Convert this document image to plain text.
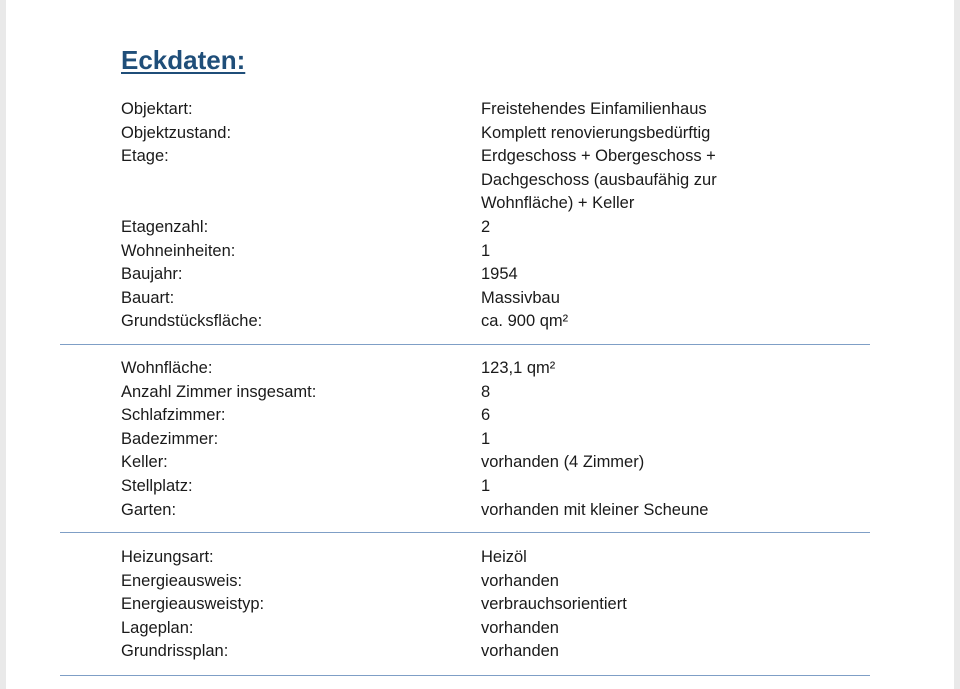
Eckdaten:
Objektart:	Freistehendes Einfamilienhaus
Objektzustand:	Komplett renovierungsbedürftig
Etage:	Erdgeschoss + Obergeschoss + Dachgeschoss (ausbaufähig zur Wohnfläche) + Keller
Etagenzahl:	2
Wohneinheiten:	1
Baujahr:	1954
Bauart:	Massivbau
Grundstücksfläche:	ca. 900 qm²
Wohnfläche:	123,1 qm²
Anzahl Zimmer insgesamt:	8
Schlafzimmer:	6
Badezimmer:	1
Keller:	vorhanden (4 Zimmer)
Stellplatz:	1
Garten:	vorhanden mit kleiner Scheune
Heizungsart:	Heizöl
Energieausweis:	vorhanden
Energieausweistyp:	verbrauchsorientiert
Lageplan:	vorhanden
Grundrissplan:	vorhanden
